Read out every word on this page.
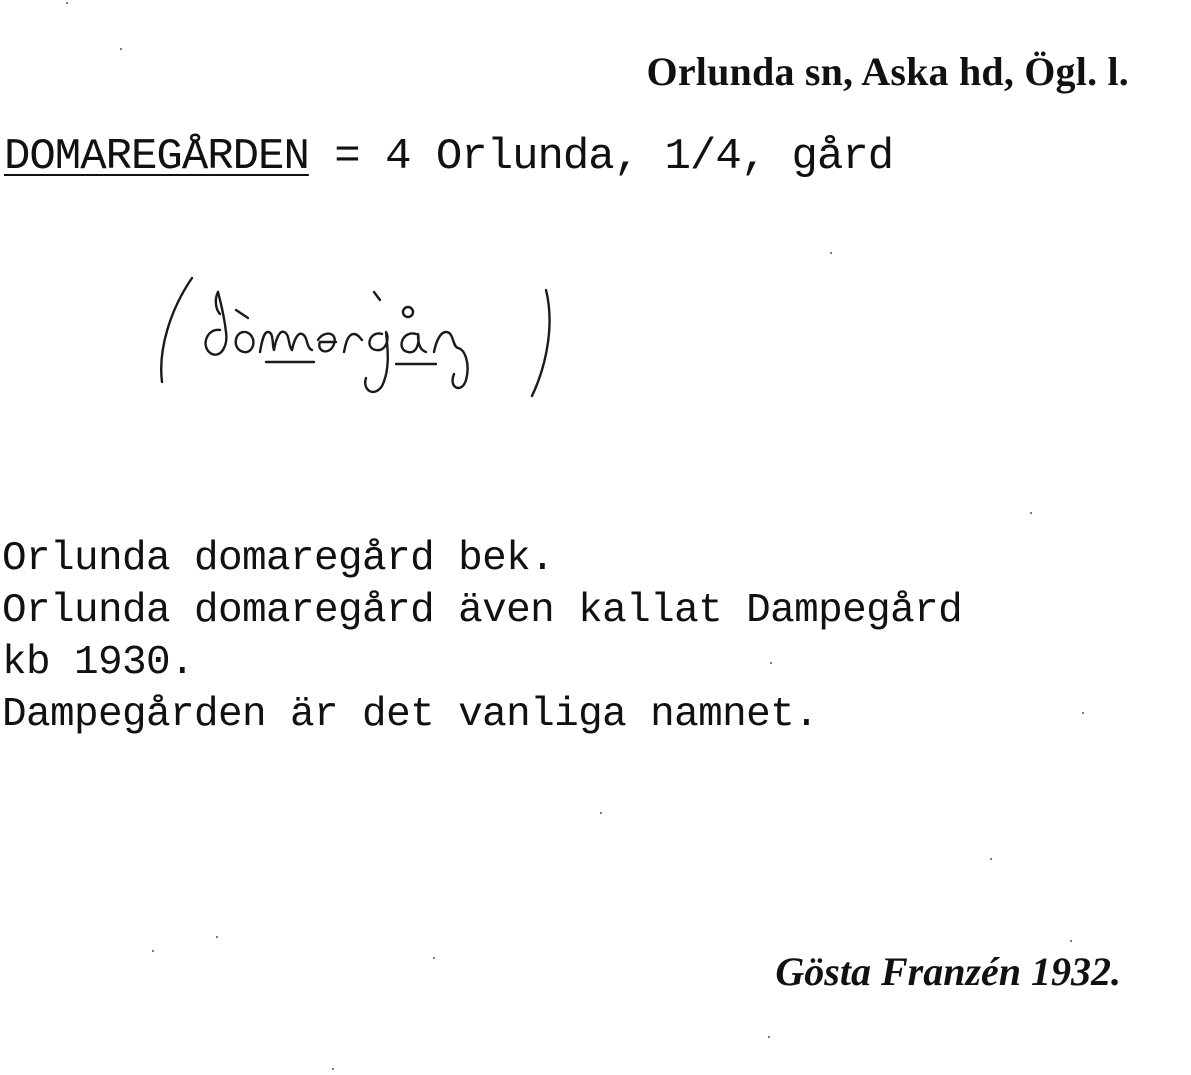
Orlunda sn, Aska hd, Ögl. l.
DOMAREGÅRDEN = 4 Orlunda, 1/4, gård
Orlunda domaregård bek.
Orlunda domaregård även kallat Dampegård
kb 1930.
Dampegården är det vanliga namnet.
Gösta Franzén 1932.
